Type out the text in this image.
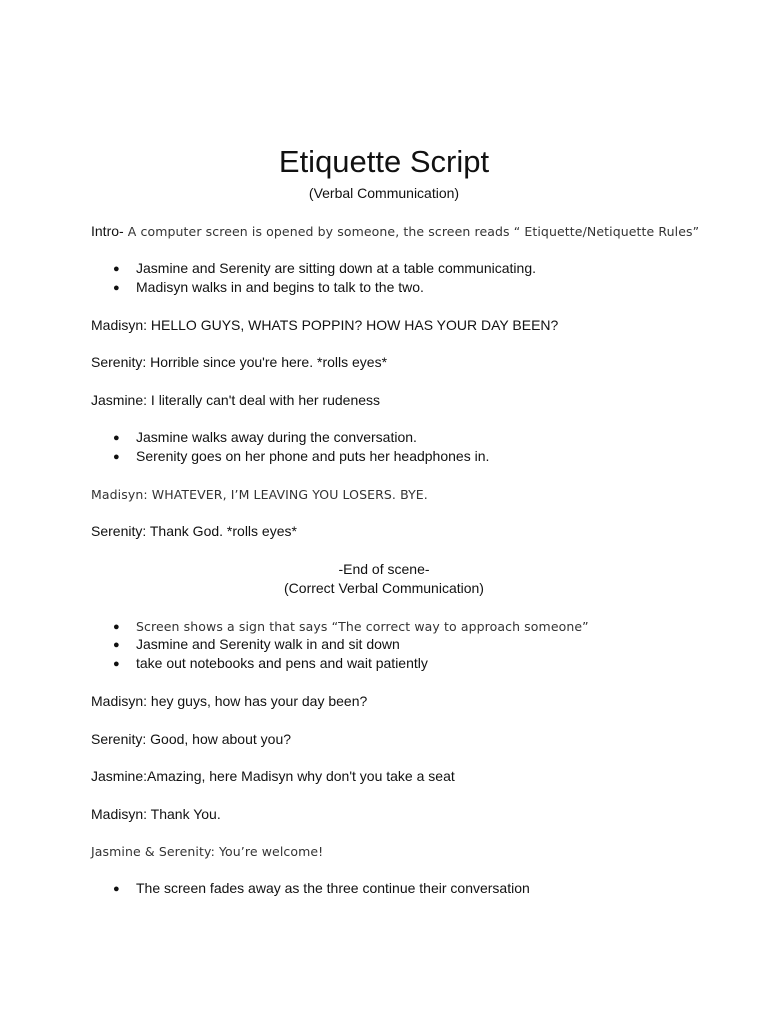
Etiquette Script
(Verbal Communication)
Intro- A computer screen is opened by someone, the screen reads “ Etiquette/Netiquette Rules”
● Jasmine and Serenity are sitting down at a table communicating.
● Madisyn walks in and begins to talk to the two.
Madisyn: HELLO GUYS, WHATS POPPIN? HOW HAS YOUR DAY BEEN?
Serenity: Horrible since you're here. *rolls eyes*
Jasmine: I literally can't deal with her rudeness
● Jasmine walks away during the conversation.
● Serenity goes on her phone and puts her headphones in.
Madisyn: WHATEVER, I’M LEAVING YOU LOSERS. BYE.
Serenity: Thank God. *rolls eyes*
-End of scene-
(Correct Verbal Communication)
● Screen shows a sign that says “The correct way to approach someone”
● Jasmine and Serenity walk in and sit down
● take out notebooks and pens and wait patiently
Madisyn: hey guys, how has your day been?
Serenity: Good, how about you?
Jasmine:Amazing, here Madisyn why don't you take a seat
Madisyn: Thank You.
Jasmine & Serenity: You’re welcome!
● The screen fades away as the three continue their conversation
